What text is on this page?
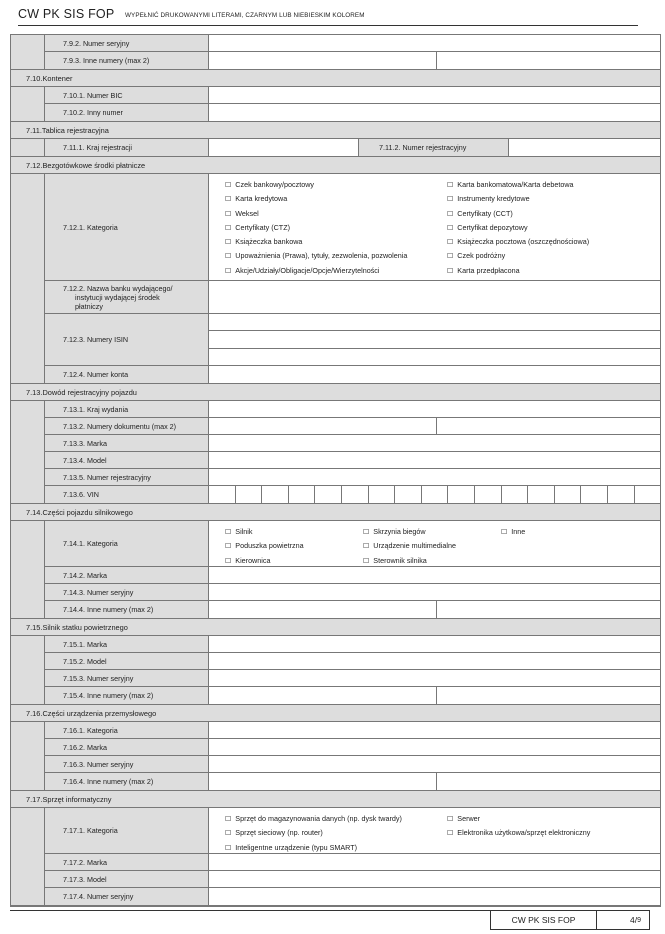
CW PK SIS FOP WYPEŁNIĆ DRUKOWANYMI LITERAMI, CZARNYM LUB NIEBIESKIM KOLOREM
7.9.2. Numer seryjny
7.9.3. Inne numery (max 2)
7.10.Kontener
7.10.1. Numer BIC
7.10.2. Inny numer
7.11.Tablica rejestracyjna
7.11.1. Kraj rejestracji	7.11.2. Numer rejestracyjny
7.12.Bezgotówkowe środki płatnicze
7.12.1. Kategoria
☐ Czek bankowy/pocztowy	☐ Karta bankomatowa/Karta debetowa
☐ Karta kredytowa	☐ Instrumenty kredytowe
☐ Weksel	☐ Certyfikaty (CCT)
☐ Certyfikaty (CTZ)	☐ Certyfikat depozytowy
☐ Książeczka bankowa	☐ Książeczka pocztowa (oszczędnościowa)
☐ Upoważnienia (Prawa), tytuły, zezwolenia, pozwolenia	☐ Czek podróżny
☐ Akcje/Udziały/Obligacje/Opcje/Wierzytelności	☐ Karta przedpłacona
☐
7.12.2. Nazwa banku wydającego/
instytucji wydającej środek
płatniczy
7.12.3. Numery ISIN
7.12.4. Numer konta
7.13.Dowód rejestracyjny pojazdu
7.13.1. Kraj wydania
7.13.2. Numery dokumentu (max 2)
7.13.3. Marka
7.13.4. Model
7.13.5. Numer rejestracyjny
7.13.6. VIN
7.14.Części pojazdu silnikowego
7.14.1. Kategoria
☐ Silnik	☐ Skrzynia biegów	☐ Inne
☐ Poduszka powietrzna	☐ Urządzenie multimedialne
☐ Kierownica	☐ Sterownik silnika
7.14.2. Marka
7.14.3. Numer seryjny
7.14.4. Inne numery (max 2)
7.15.Silnik statku powietrznego
7.15.1. Marka
7.15.2. Model
7.15.3. Numer seryjny
7.15.4. Inne numery (max 2)
7.16.Części urządzenia przemysłowego
7.16.1. Kategoria
7.16.2. Marka
7.16.3. Numer seryjny
7.16.4. Inne numery (max 2)
7.17.Sprzęt informatyczny
7.17.1. Kategoria
☐ Sprzęt do magazynowania danych (np. dysk twardy)	☐ Serwer
☐ Sprzęt sieciowy (np. router)	☐ Elektronika użytkowa/sprzęt elektroniczny
☐ Inteligentne urządzenie (typu SMART)
7.17.2. Marka
7.17.3. Model
7.17.4. Numer seryjny
CW PK SIS FOP	4/ 9
